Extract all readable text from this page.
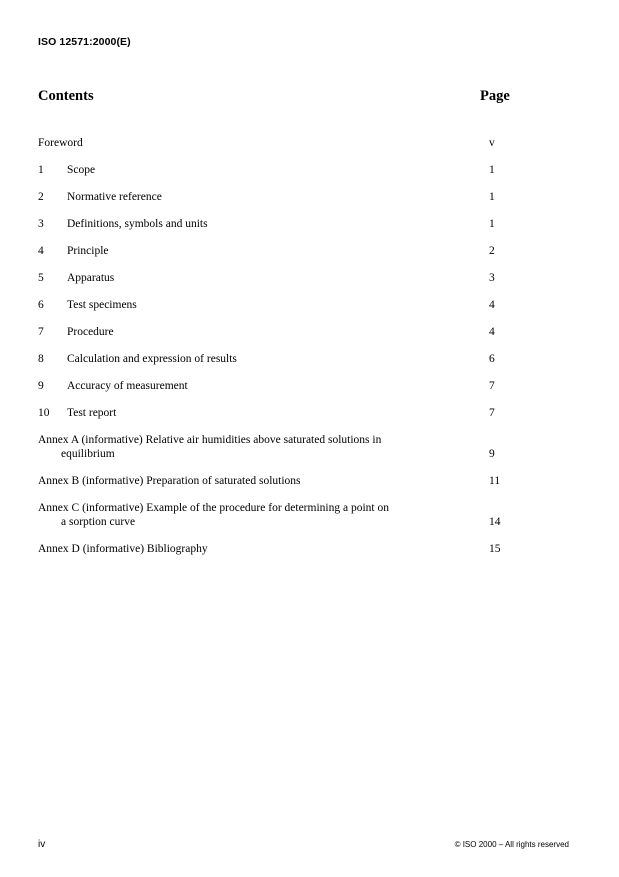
ISO 12571:2000(E)
Contents	Page
Foreword	v
1 Scope	1
2 Normative reference	1
3 Definitions, symbols and units	1
4 Principle	2
5 Apparatus	3
6 Test specimens	4
7 Procedure	4
8 Calculation and expression of results	6
9 Accuracy of measurement	7
10 Test report	7
Annex A (informative) Relative air humidities above saturated solutions in
equilibrium	9
Annex B (informative) Preparation of saturated solutions	11
Annex C (informative) Example of the procedure for determining a point on
a sorption curve	14
Annex D (informative) Bibliography	15
iv	© ISO 2000 – All rights reserved
